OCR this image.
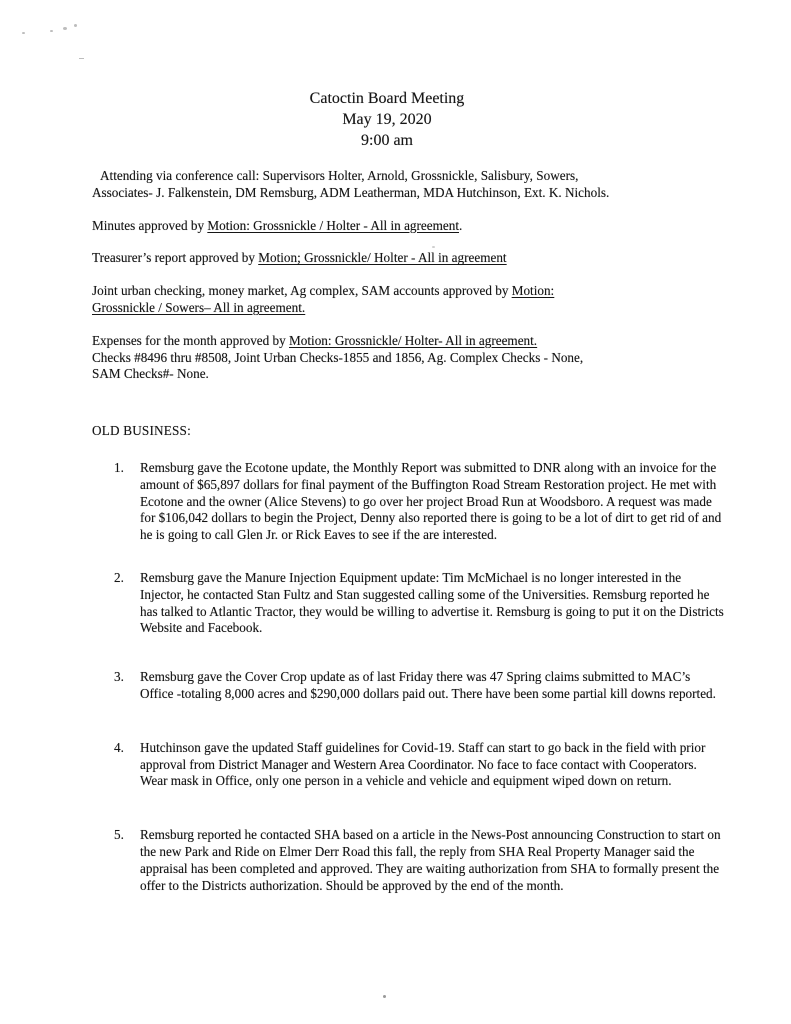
Catoctin Board Meeting
May 19, 2020
9:00 am
Attending via conference call: Supervisors Holter, Arnold, Grossnickle, Salisbury, Sowers,
Associates- J. Falkenstein, DM Remsburg, ADM Leatherman, MDA Hutchinson, Ext. K. Nichols.

Minutes approved by Motion: Grossnickle / Holter - All in agreement.

Treasurer’s report approved by Motion; Grossnickle/ Holter - All in agreement

Joint urban checking, money market, Ag complex, SAM accounts approved by Motion:
Grossnickle / Sowers– All in agreement.
Expenses for the month approved by Motion: Grossnickle/ Holter- All in agreement.
Checks #8496 thru #8508, Joint Urban Checks-1855 and 1856, Ag. Complex Checks - None,
SAM Checks#- None.
OLD BUSINESS:
1.	Remsburg gave the Ecotone update, the Monthly Report was submitted to DNR along with an invoice for the amount of $65,897 dollars for final payment of the Buffington Road Stream Restoration project. He met with Ecotone and the owner (Alice Stevens) to go over her project Broad Run at Woodsboro. A request was made for $106,042 dollars to begin the Project, Denny also reported there is going to be a lot of dirt to get rid of and he is going to call Glen Jr. or Rick Eaves to see if the are interested.
2.	Remsburg gave the Manure Injection Equipment update: Tim McMichael is no longer interested in the Injector, he contacted Stan Fultz and Stan suggested calling some of the Universities. Remsburg reported he has talked to Atlantic Tractor, they would be willing to advertise it. Remsburg is going to put it on the Districts Website and Facebook.
3.	Remsburg gave the Cover Crop update as of last Friday there was 47 Spring claims submitted to MAC’s Office -totaling 8,000 acres and $290,000 dollars paid out. There have been some partial kill downs reported.
4.	Hutchinson gave the updated Staff guidelines for Covid-19. Staff can start to go back in the field with prior approval from District Manager and Western Area Coordinator. No face to face contact with Cooperators. Wear mask in Office, only one person in a vehicle and vehicle and equipment wiped down on return.
5.	Remsburg reported he contacted SHA based on a article in the News-Post announcing Construction to start on the new Park and Ride on Elmer Derr Road this fall, the reply from SHA Real Property Manager said the appraisal has been completed and approved. They are waiting authorization from SHA to formally present the offer to the Districts authorization. Should be approved by the end of the month.
